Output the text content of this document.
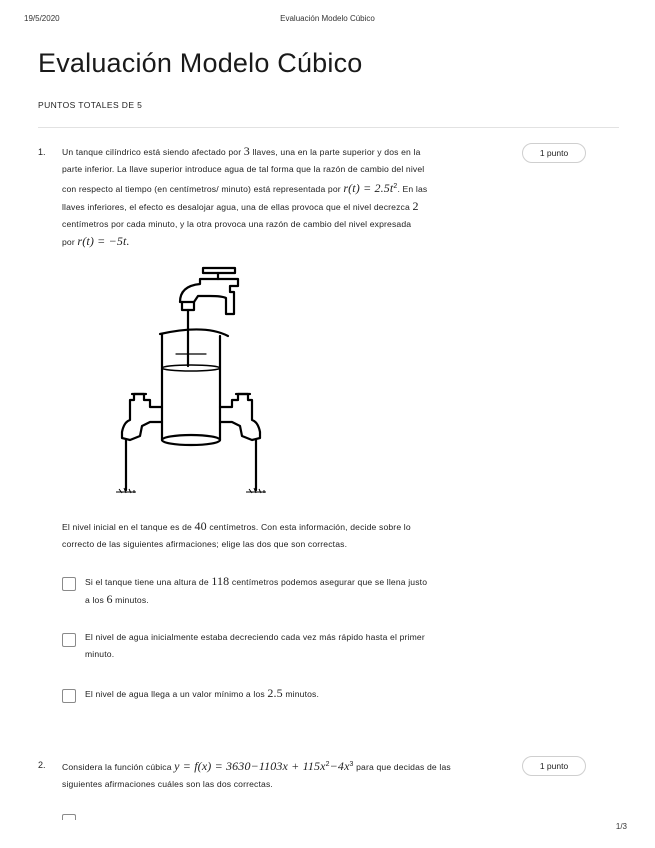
19/5/2020	Evaluación Modelo Cúbico
Evaluación Modelo Cúbico
PUNTOS TOTALES DE 5
1.	1 punto
Un tanque cilíndrico está siendo afectado por 3 llaves, una en la parte superior y dos en la
parte inferior. La llave superior introduce agua de tal forma que la razón de cambio del nivel
con respecto al tiempo (en centímetros/ minuto) está representada por $r(t) = 2.5t^2$. En las
llaves inferiores, el efecto es desalojar agua, una de ellas provoca que el nivel decrezca 2
centímetros por cada minuto, y la otra provoca una razón de cambio del nivel expresada
por r(t) = −5t.
El nivel inicial en el tanque es de 40 centímetros. Con esta información, decide sobre lo
correcto de las siguientes afirmaciones; elige las dos que son correctas.
Si el tanque tiene una altura de 118 centímetros podemos asegurar que se llena justo
a los 6 minutos.
El nivel de agua inicialmente estaba decreciendo cada vez más rápido hasta el primer
minuto.
El nivel de agua llega a un valor mínimo a los 2.5 minutos.
2.	1 punto
Considera la función cúbica $y = f(x) = 3630-1103x + 115x^2-4x^3$ para que decidas de las
siguientes afirmaciones cuáles son las dos correctas.
1/3
